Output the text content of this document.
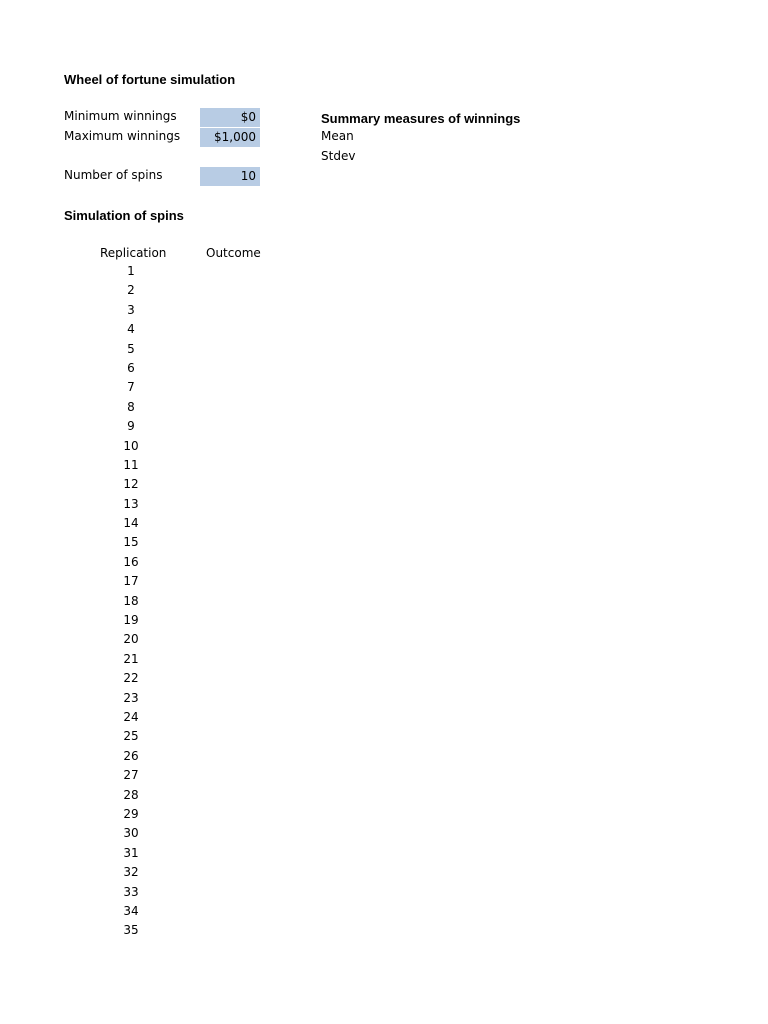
Wheel of fortune simulation
Minimum winnings	$0
Maximum winnings	$1,000
Number of spins	10
Summary measures of winnings
Mean
Stdev
Simulation of spins
Replication	Outcome
1
2
3
4
5
6
7
8
9
10
11
12
13
14
15
16
17
18
19
20
21
22
23
24
25
26
27
28
29
30
31
32
33
34
35
